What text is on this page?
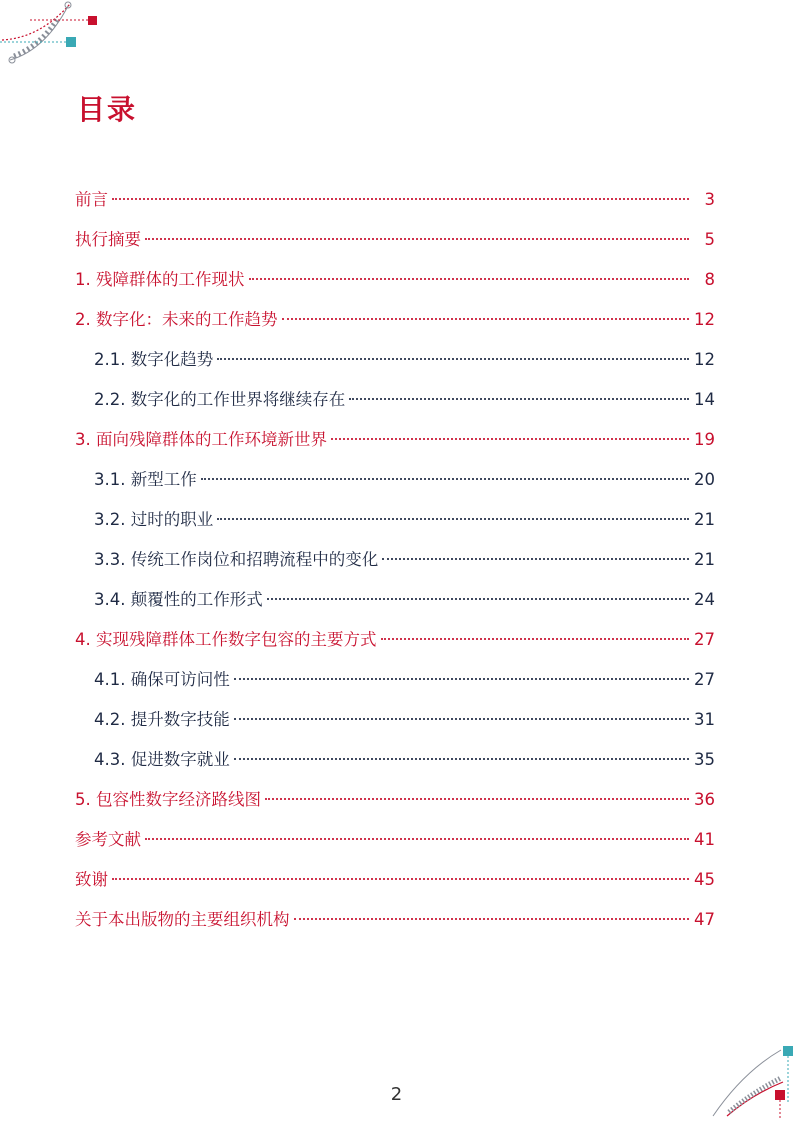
目录
前言	3
执行摘要	5
1. 残障群体的工作现状	8
2. 数字化：未来的工作趋势	12
2.1. 数字化趋势	12
2.2. 数字化的工作世界将继续存在	14
3. 面向残障群体的工作环境新世界	19
3.1. 新型工作	20
3.2. 过时的职业	21
3.3. 传统工作岗位和招聘流程中的变化	21
3.4. 颠覆性的工作形式	24
4. 实现残障群体工作数字包容的主要方式	27
4.1. 确保可访问性	27
4.2. 提升数字技能	31
4.3. 促进数字就业	35
5. 包容性数字经济路线图	36
参考文献	41
致谢	45
关于本出版物的主要组织机构	47
2
